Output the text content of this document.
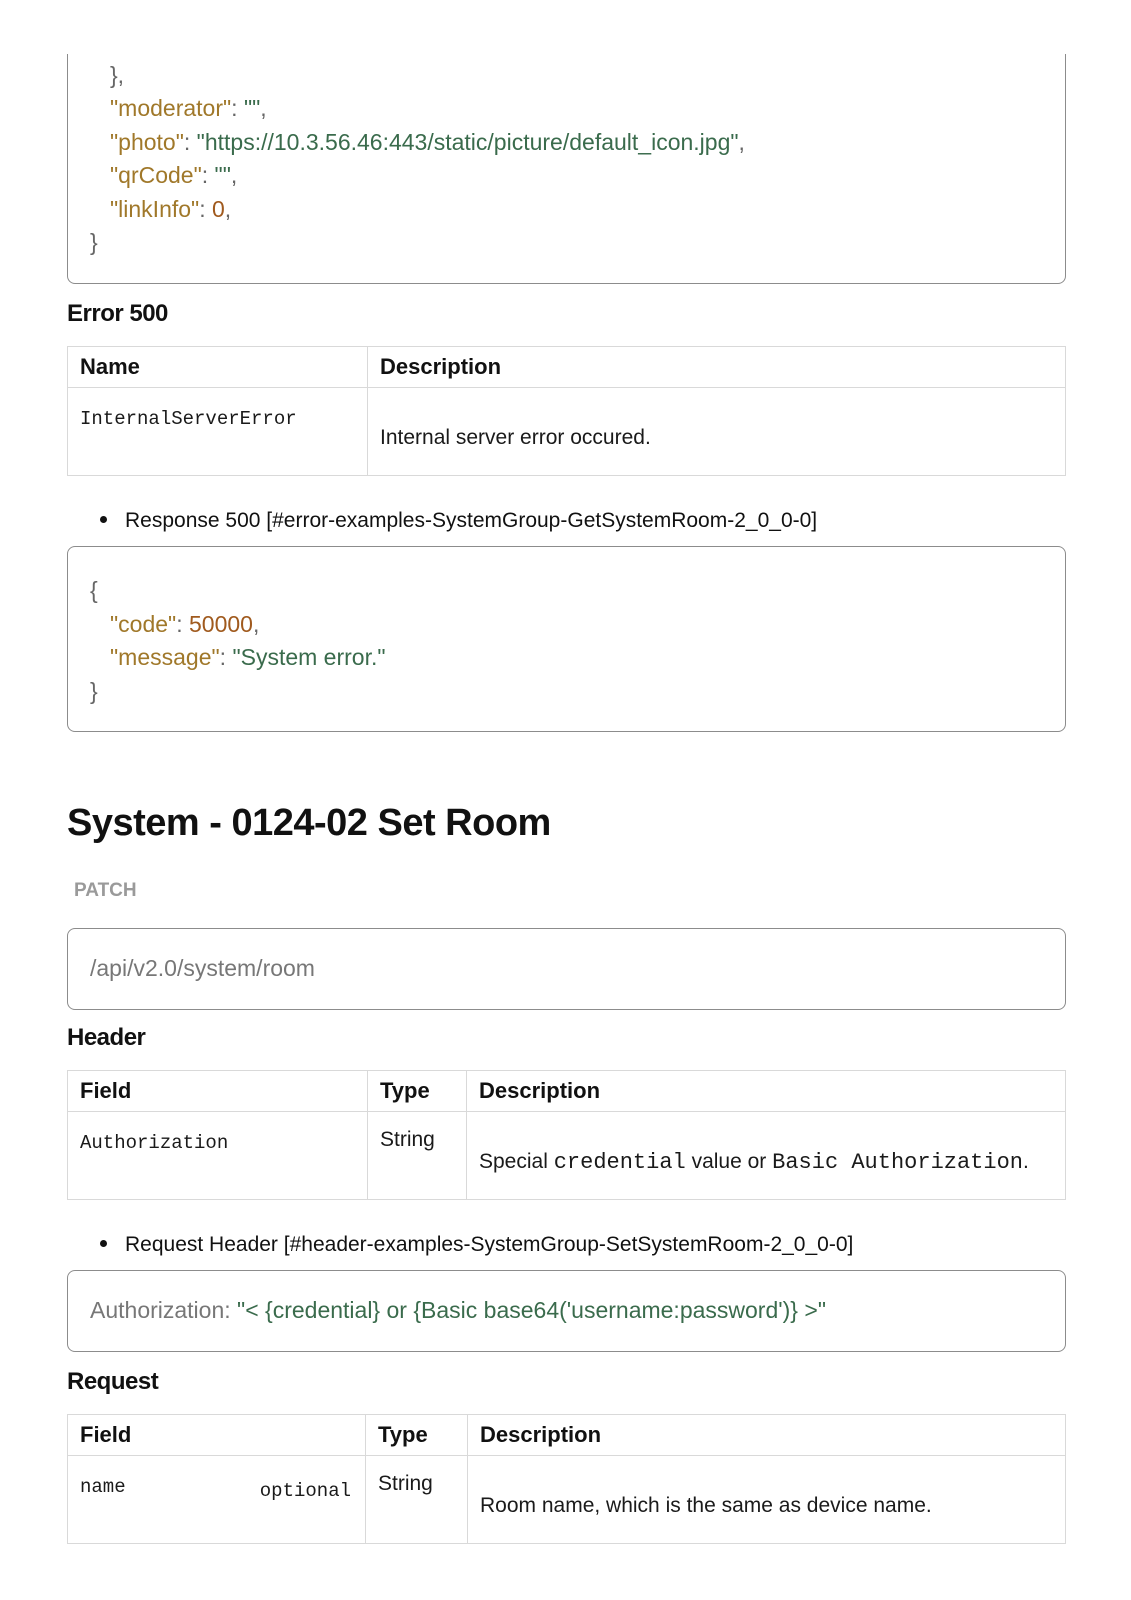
},
"moderator": "",
"photo": "https://10.3.56.46:443/static/picture/default_icon.jpg",
"qrCode": "",
"linkInfo": 0,
}
Error 500
Name	Description
InternalServerError	Internal server error occured.
Response 500 [#error-examples-SystemGroup-GetSystemRoom-2_0_0-0]
{
"code": 50000,
"message": "System error."
}
System - 0124-02 Set Room
PATCH
/api/v2.0/system/room
Header
Field	Type	Description
Authorization	String	Special credential value or Basic Authorization.
Request Header [#header-examples-SystemGroup-SetSystemRoom-2_0_0-0]
Authorization: "< {credential} or {Basic base64('username:password')} >"
Request
Field	Type	Description
name optional	String	Room name, which is the same as device name.
